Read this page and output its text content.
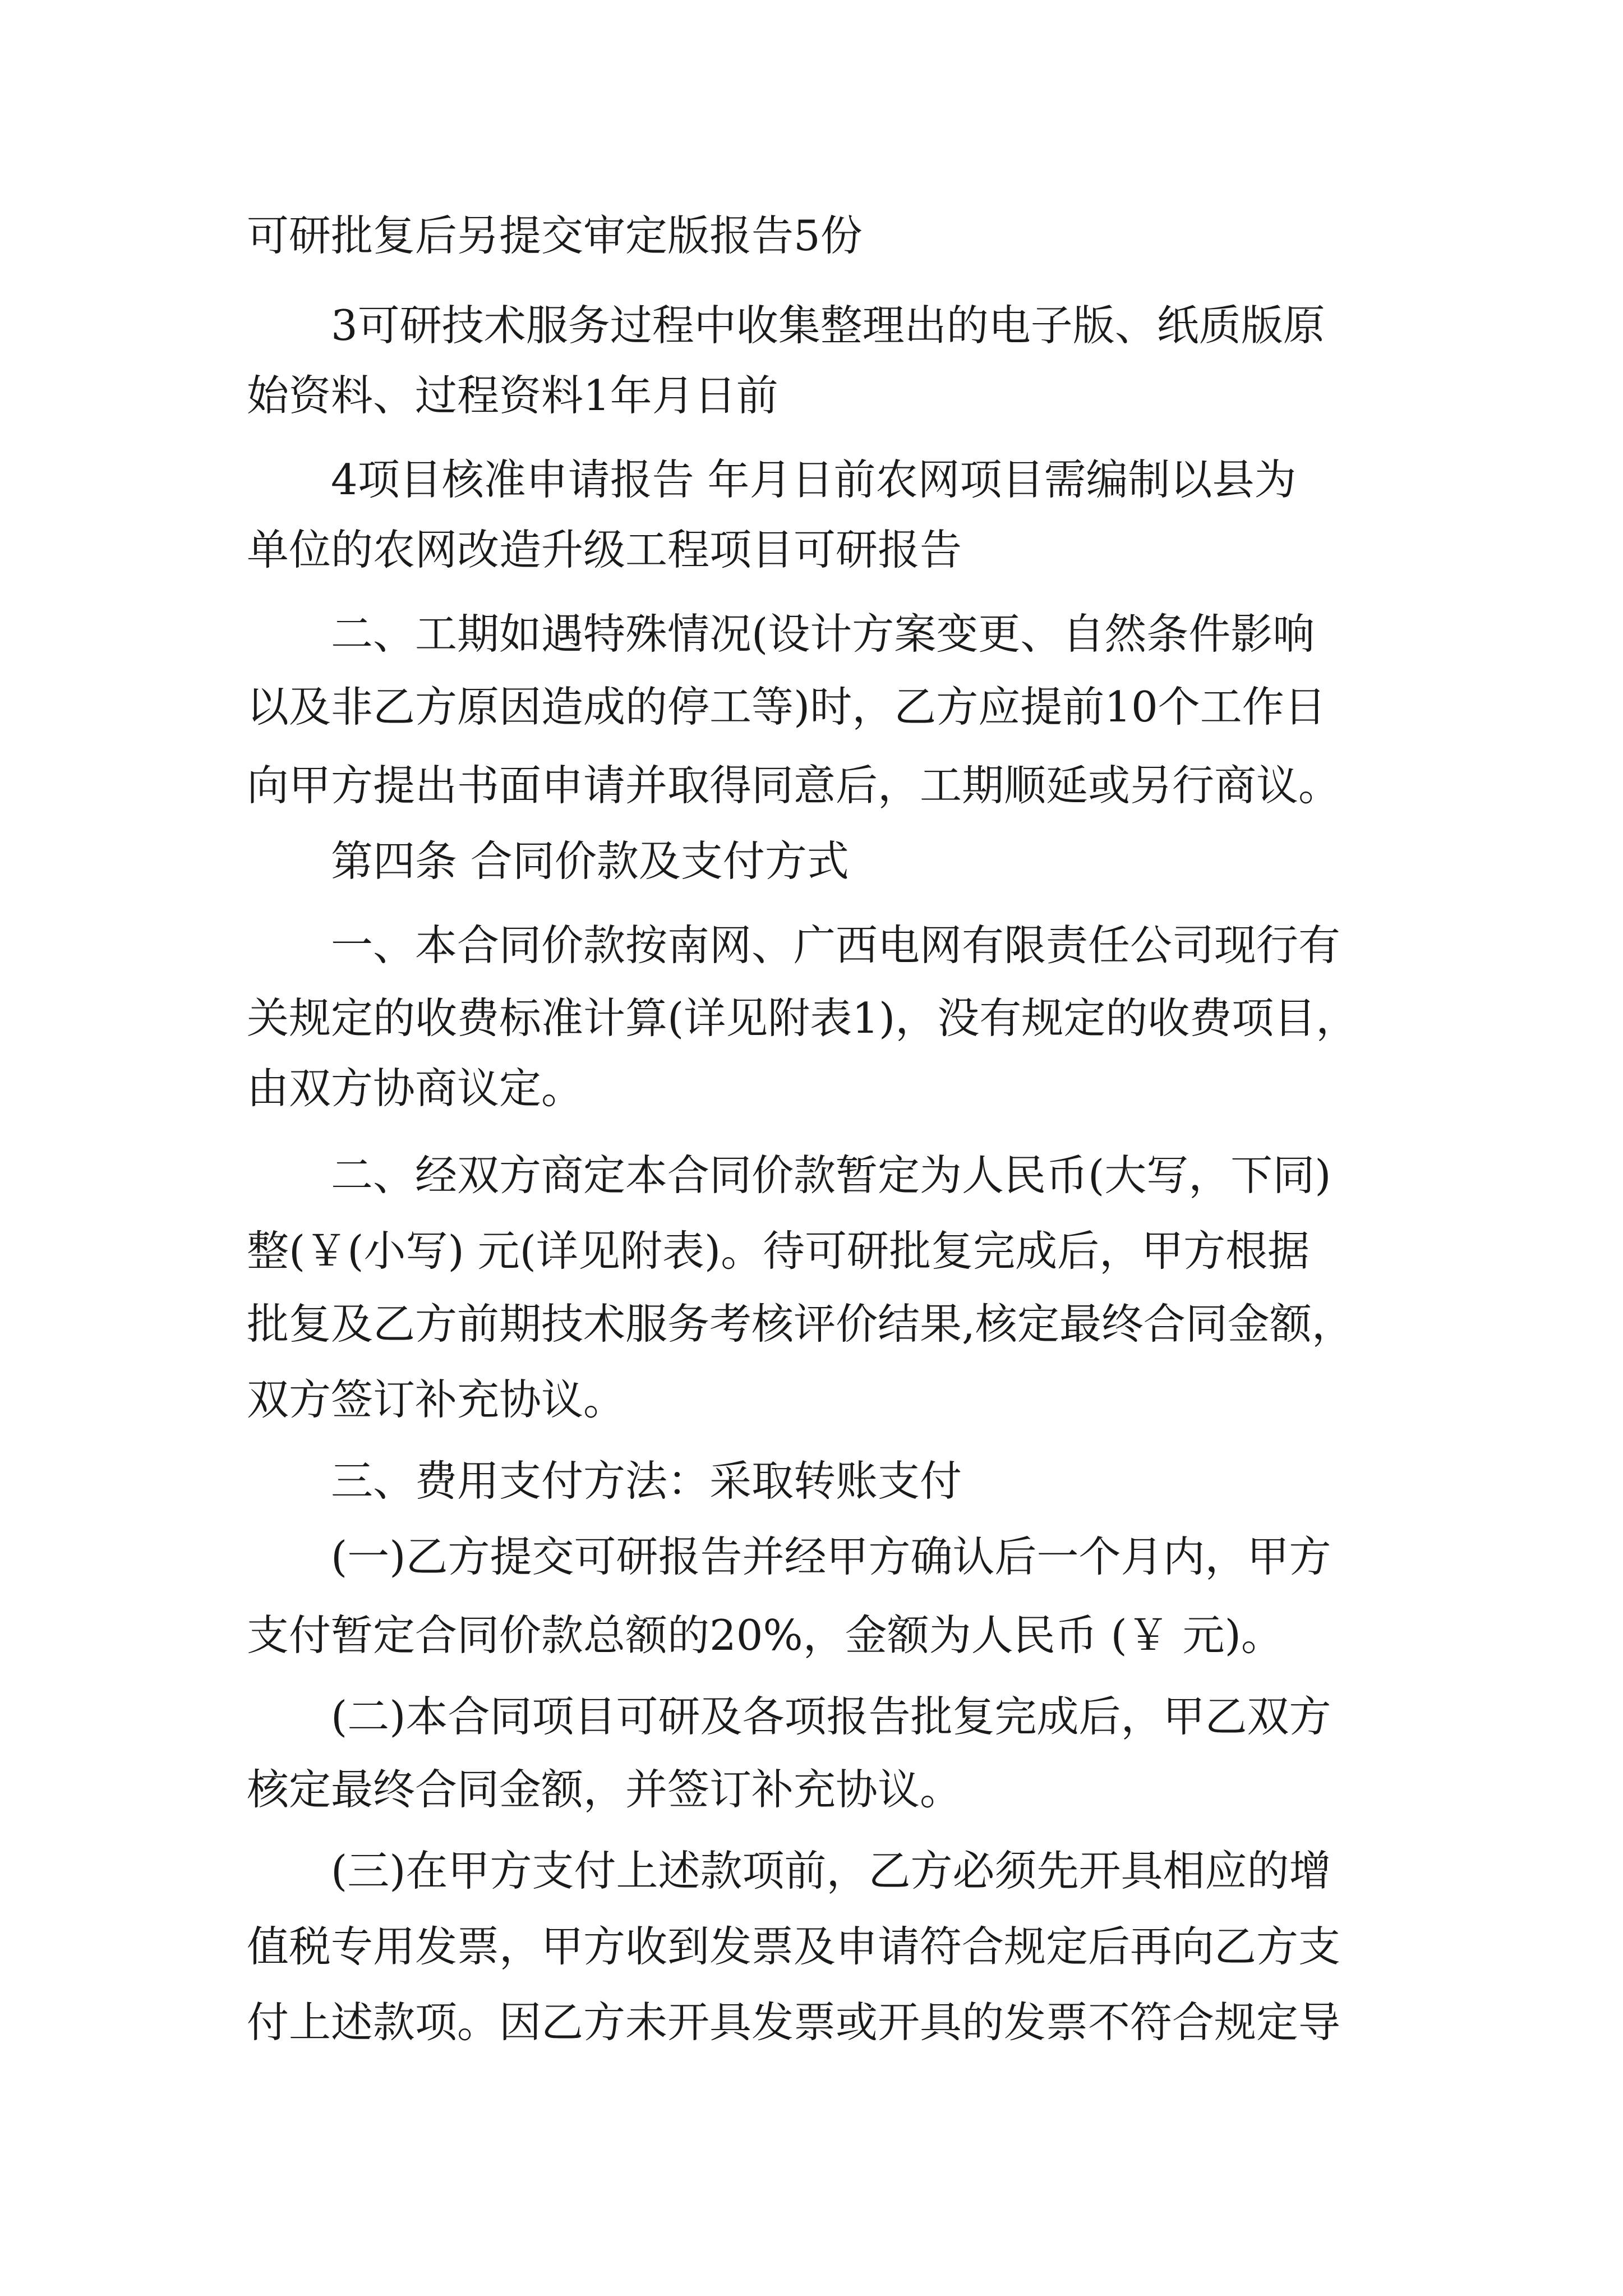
可研批复后另提交审定版报告5份
3可研技术服务过程中收集整理出的电子版、纸质版原
始资料、过程资料1年月日前
4项目核准申请报告 年月日前农网项目需编制以县为
单位的农网改造升级工程项目可研报告
二、工期如遇特殊情况(设计方案变更、自然条件影响
以及非乙方原因造成的停工等)时，乙方应提前10个工作日
向甲方提出书面申请并取得同意后，工期顺延或另行商议。
第四条 合同价款及支付方式
一、本合同价款按南网、广西电网有限责任公司现行有
关规定的收费标准计算(详见附表1)，没有规定的收费项目，
由双方协商议定。
二、经双方商定本合同价款暂定为人民币(大写，下同)
整(￥(小写) 元(详见附表)。待可研批复完成后，甲方根据
批复及乙方前期技术服务考核评价结果,核定最终合同金额，
双方签订补充协议。
三、费用支付方法：采取转账支付
(一)乙方提交可研报告并经甲方确认后一个月内，甲方
支付暂定合同价款总额的20%，金额为人民币 (￥ 元)。
(二)本合同项目可研及各项报告批复完成后，甲乙双方
核定最终合同金额，并签订补充协议。
(三)在甲方支付上述款项前，乙方必须先开具相应的增
值税专用发票，甲方收到发票及申请符合规定后再向乙方支
付上述款项。因乙方未开具发票或开具的发票不符合规定导
